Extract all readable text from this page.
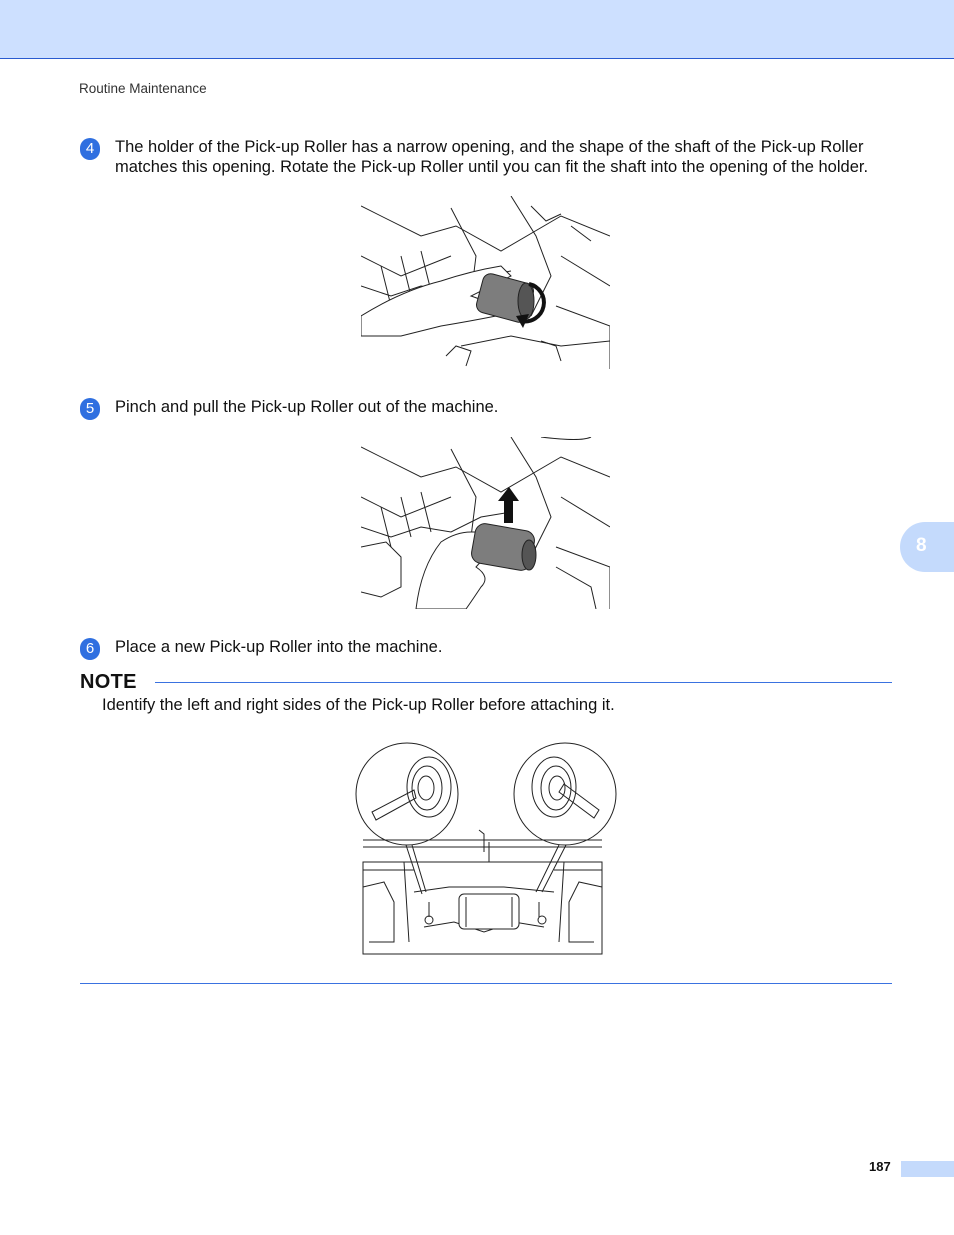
Routine Maintenance
4	The holder of the Pick-up Roller has a narrow opening, and the shape of the shaft of the Pick-up Roller matches this opening. Rotate the Pick-up Roller until you can fit the shaft into the opening of the holder.
5	Pinch and pull the Pick-up Roller out of the machine.
6	Place a new Pick-up Roller into the machine.
NOTE
Identify the left and right sides of the Pick-up Roller before attaching it.
8
187
